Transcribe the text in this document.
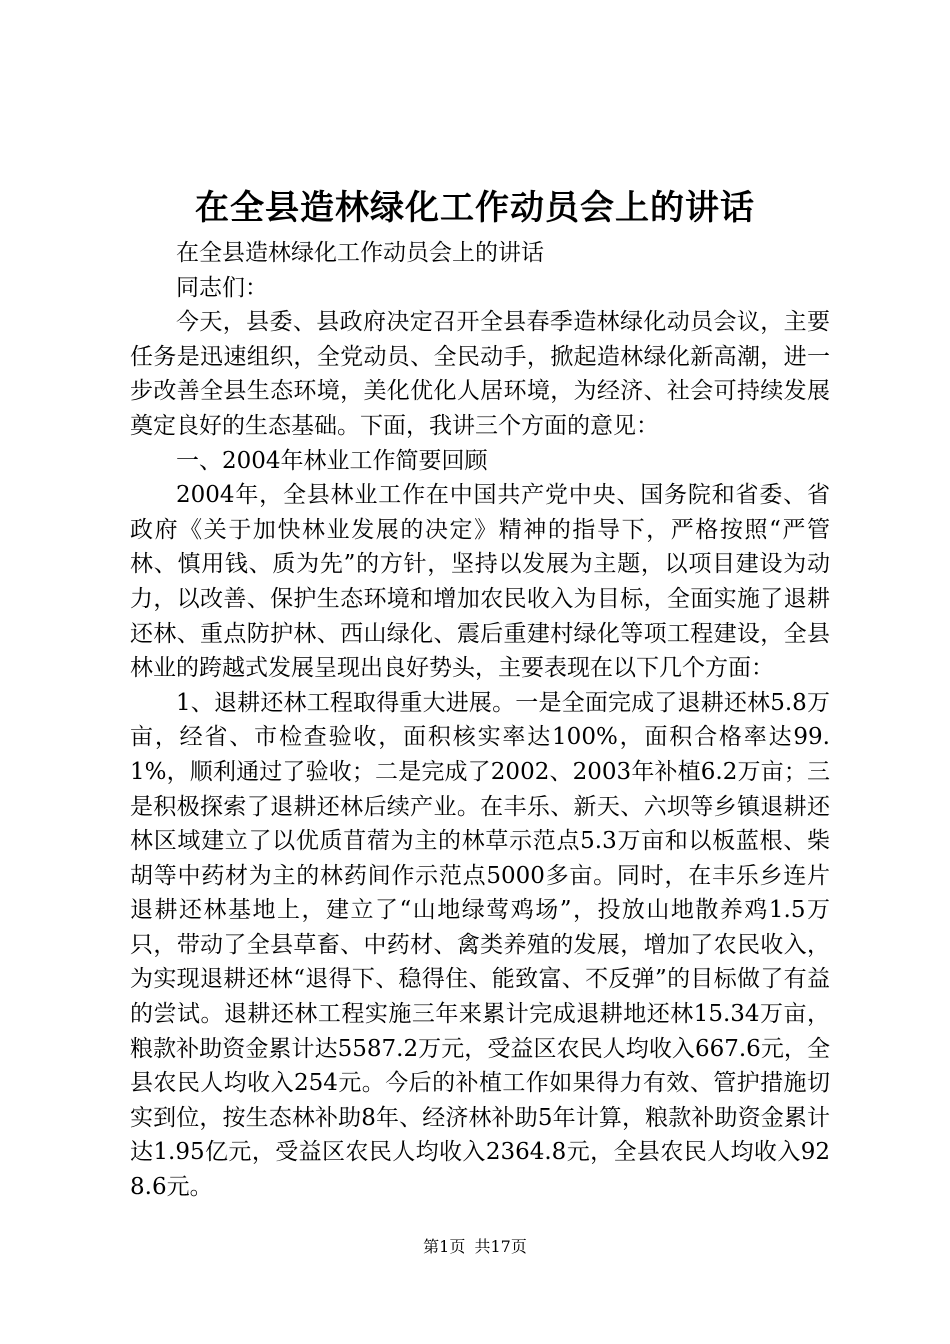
在全县造林绿化工作动员会上的讲话

在全县造林绿化工作动员会上的讲话

同志们：

今天，县委、县政府决定召开全县春季造林绿化动员会议，主要任务是迅速组织，全党动员、全民动手，掀起造林绿化新高潮，进一步改善全县生态环境，美化优化人居环境，为经济、社会可持续发展奠定良好的生态基础。下面，我讲三个方面的意见：

一、2004年林业工作简要回顾

2004年，全县林业工作在中国共产党中央、国务院和省委、省政府《关于加快林业发展的决定》精神的指导下，严格按照“严管林、慎用钱、质为先”的方针，坚持以发展为主题，以项目建设为动力，以改善、保护生态环境和增加农民收入为目标，全面实施了退耕还林、重点防护林、西山绿化、震后重建村绿化等项工程建设，全县林业的跨越式发展呈现出良好势头，主要表现在以下几个方面：

1、退耕还林工程取得重大进展。一是全面完成了退耕还林5.8万亩，经省、市检查验收，面积核实率达100%，面积合格率达99.1%，顺利通过了验收；二是完成了2002、2003年补植6.2万亩；三是积极探索了退耕还林后续产业。在丰乐、新天、六坝等乡镇退耕还林区域建立了以优质苜蓿为主的林草示范点5.3万亩和以板蓝根、柴胡等中药材为主的林药间作示范点5000多亩。同时，在丰乐乡连片退耕还林基地上，建立了“山地绿莺鸡场”，投放山地散养鸡1.5万只，带动了全县草畜、中药材、禽类养殖的发展，增加了农民收入，为实现退耕还林“退得下、稳得住、能致富、不反弹”的目标做了有益的尝试。退耕还林工程实施三年来累计完成退耕地还林15.34万亩，粮款补助资金累计达5587.2万元，受益区农民人均收入667.6元，全县农民人均收入254元。今后的补植工作如果得力有效、管护措施切实到位，按生态林补助8年、经济林补助5年计算，粮款补助资金累计达1.95亿元，受益区农民人均收入2364.8元，全县农民人均收入928.6元。

第1页 共17页
